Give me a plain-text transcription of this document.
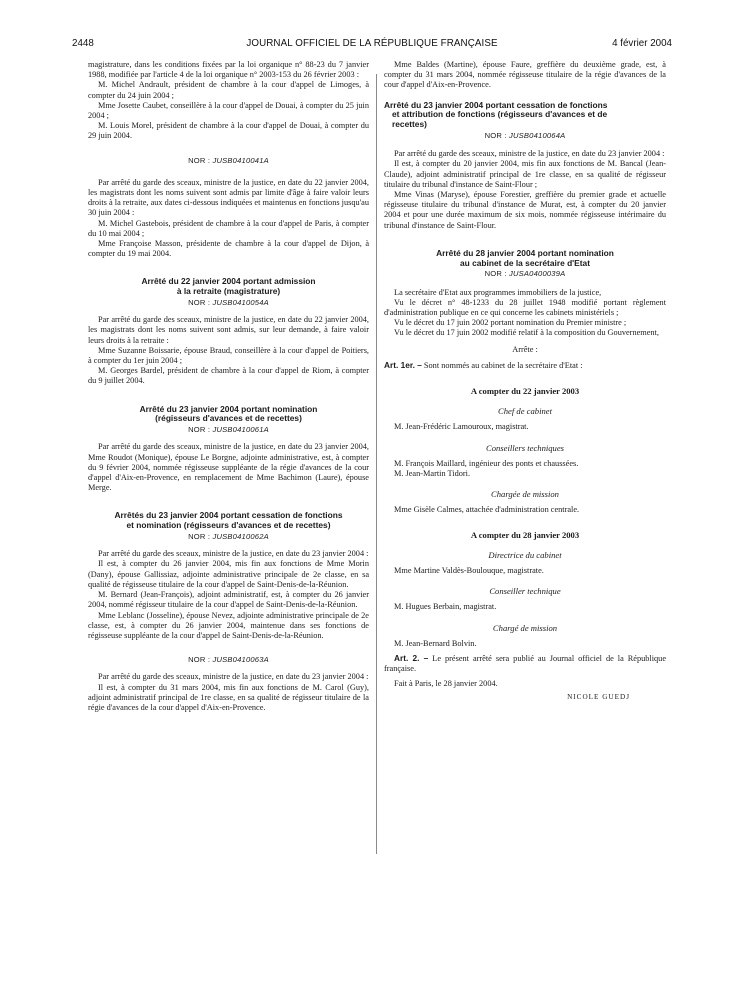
2448	JOURNAL OFFICIEL DE LA RÉPUBLIQUE FRANÇAISE	4 février 2004

magistrature, dans les conditions fixées par la loi organique n° 88-23 du 7 janvier 1988, modifiée par l'article 4 de la loi organique n° 2003-153 du 26 février 2003 :

M. Michel Andrault, président de chambre à la cour d'appel de Limoges, à compter du 24 juin 2004 ;

Mme Josette Caubet, conseillère à la cour d'appel de Douai, à compter du 25 juin 2004 ;

M. Louis Morel, président de chambre à la cour d'appel de Douai, à compter du 29 juin 2004.

NOR : JUSB0410041A

Par arrêté du garde des sceaux, ministre de la justice, en date du 22 janvier 2004, les magistrats dont les noms suivent sont admis par limite d'âge à faire valoir leurs droits à la retraite, aux dates ci-dessous indiquées et maintenus en fonctions jusqu'au 30 juin 2004 :

M. Michel Gastebois, président de chambre à la cour d'appel de Paris, à compter du 10 mai 2004 ;

Mme Françoise Masson, présidente de chambre à la cour d'appel de Dijon, à compter du 19 mai 2004.

Arrêté du 22 janvier 2004 portant admission
à la retraite (magistrature)

NOR : JUSB0410054A

Par arrêté du garde des sceaux, ministre de la justice, en date du 22 janvier 2004, les magistrats dont les noms suivent sont admis, sur leur demande, à faire valoir leurs droits à la retraite :

Mme Suzanne Boissarie, épouse Braud, conseillère à la cour d'appel de Poitiers, à compter du 1er juin 2004 ;

M. Georges Bardel, président de chambre à la cour d'appel de Riom, à compter du 9 juillet 2004.

Arrêté du 23 janvier 2004 portant nomination
(régisseurs d'avances et de recettes)

NOR : JUSB0410061A

Par arrêté du garde des sceaux, ministre de la justice, en date du 23 janvier 2004, Mme Roudot (Monique), épouse Le Borgne, adjointe administrative, est, à compter du 9 février 2004, nommée régisseuse suppléante de la régie d'avances de la cour d'appel d'Aix-en-Provence, en remplacement de Mme Bachimon (Laure), épouse Merge.

Arrêtés du 23 janvier 2004 portant cessation de fonctions
et nomination (régisseurs d'avances et de recettes)

NOR : JUSB0410062A

Par arrêté du garde des sceaux, ministre de la justice, en date du 23 janvier 2004 :

Il est, à compter du 26 janvier 2004, mis fin aux fonctions de Mme Morin (Dany), épouse Gallissiaz, adjointe administrative principale de 2e classe, en sa qualité de régisseuse titulaire de la cour d'appel de Saint-Denis-de-la-Réunion.

M. Bernard (Jean-François), adjoint administratif, est, à compter du 26 janvier 2004, nommé régisseur titulaire de la cour d'appel de Saint-Denis-de-la-Réunion.

Mme Leblanc (Josseline), épouse Nevez, adjointe administrative principale de 2e classe, est, à compter du 26 janvier 2004, maintenue dans ses fonctions de régisseuse suppléante de la cour d'appel de Saint-Denis-de-la-Réunion.

NOR : JUSB0410063A

Par arrêté du garde des sceaux, ministre de la justice, en date du 23 janvier 2004 :

Il est, à compter du 31 mars 2004, mis fin aux fonctions de M. Carol (Guy), adjoint administratif principal de 1re classe, en sa qualité de régisseur titulaire de la régie d'avances de la cour d'appel d'Aix-en-Provence.

Mme Baldes (Martine), épouse Faure, greffière du deuxième grade, est, à compter du 31 mars 2004, nommée régisseuse titulaire de la régie d'avances de la cour d'appel d'Aix-en-Provence.

Arrêté du 23 janvier 2004 portant cessation de fonctions
et attribution de fonctions (régisseurs d'avances et de
recettes)

NOR : JUSB0410064A

Par arrêté du garde des sceaux, ministre de la justice, en date du 23 janvier 2004 :

Il est, à compter du 20 janvier 2004, mis fin aux fonctions de M. Bancal (Jean-Claude), adjoint administratif principal de 1re classe, en sa qualité de régisseur titulaire du tribunal d'instance de Saint-Flour ;

Mme Vinas (Maryse), épouse Forestier, greffière du premier grade et actuelle régisseuse titulaire du tribunal d'instance de Murat, est, à compter du 20 janvier 2004 et pour une durée maximum de six mois, nommée régisseuse intérimaire du tribunal d'instance de Saint-Flour.

Arrêté du 28 janvier 2004 portant nomination
au cabinet de la secrétaire d'Etat

NOR : JUSA0400039A

La secrétaire d'Etat aux programmes immobiliers de la justice,

Vu le décret n° 48-1233 du 28 juillet 1948 modifié portant règlement d'administration publique en ce qui concerne les cabinets ministériels ;

Vu le décret du 17 juin 2002 portant nomination du Premier ministre ;

Vu le décret du 17 juin 2002 modifié relatif à la composition du Gouvernement,

Arrête :

Art. 1er. – Sont nommés au cabinet de la secrétaire d'Etat :

A compter du 22 janvier 2003

Chef de cabinet

M. Jean-Frédéric Lamouroux, magistrat.

Conseillers techniques

M. François Maillard, ingénieur des ponts et chaussées.

M. Jean-Martin Tidori.

Chargée de mission

Mme Gisèle Calmes, attachée d'administration centrale.

A compter du 28 janvier 2003

Directrice du cabinet

Mme Martine Valdès-Boulouque, magistrate.

Conseiller technique

M. Hugues Berbain, magistrat.

Chargé de mission

M. Jean-Bernard Bolvin.

Art. 2. – Le présent arrêté sera publié au Journal officiel de la République française.

Fait à Paris, le 28 janvier 2004.

NICOLE GUEDJ
